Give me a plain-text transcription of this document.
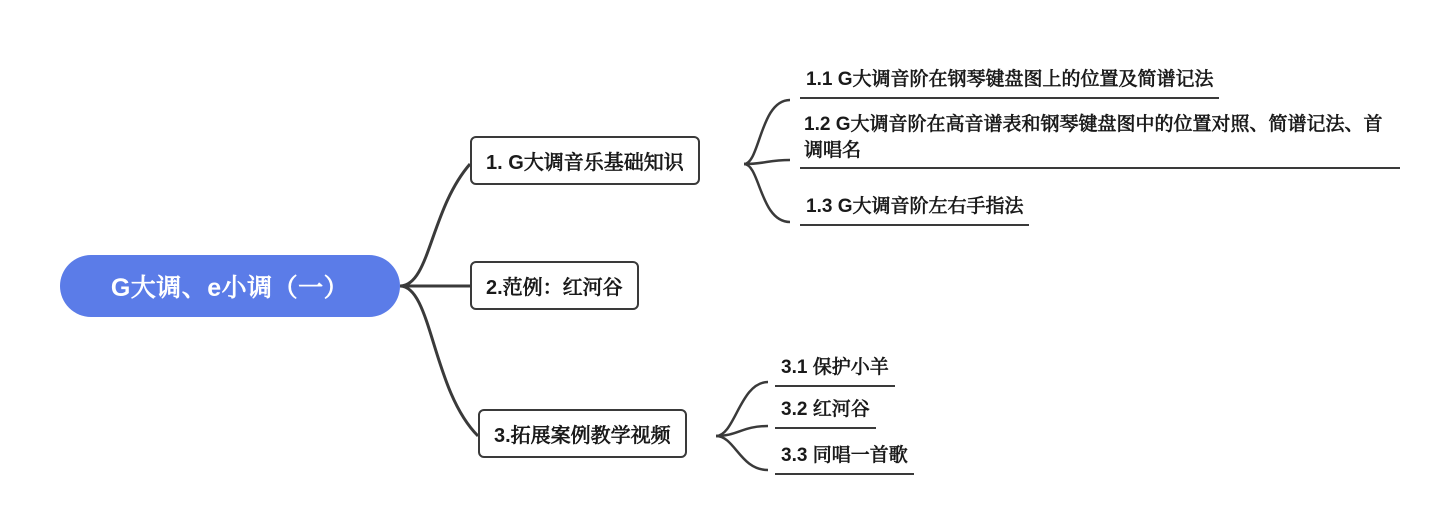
G大调、e小调（一）
1. G大调音乐基础知识
2.范例：红河谷
3.拓展案例教学视频
1.1 G大调音阶在钢琴键盘图上的位置及简谱记法
1.2 G大调音阶在高音谱表和钢琴键盘图中的位置对照、简谱记法、首调唱名
1.3 G大调音阶左右手指法
3.1 保护小羊
3.2 红河谷
3.3 同唱一首歌
